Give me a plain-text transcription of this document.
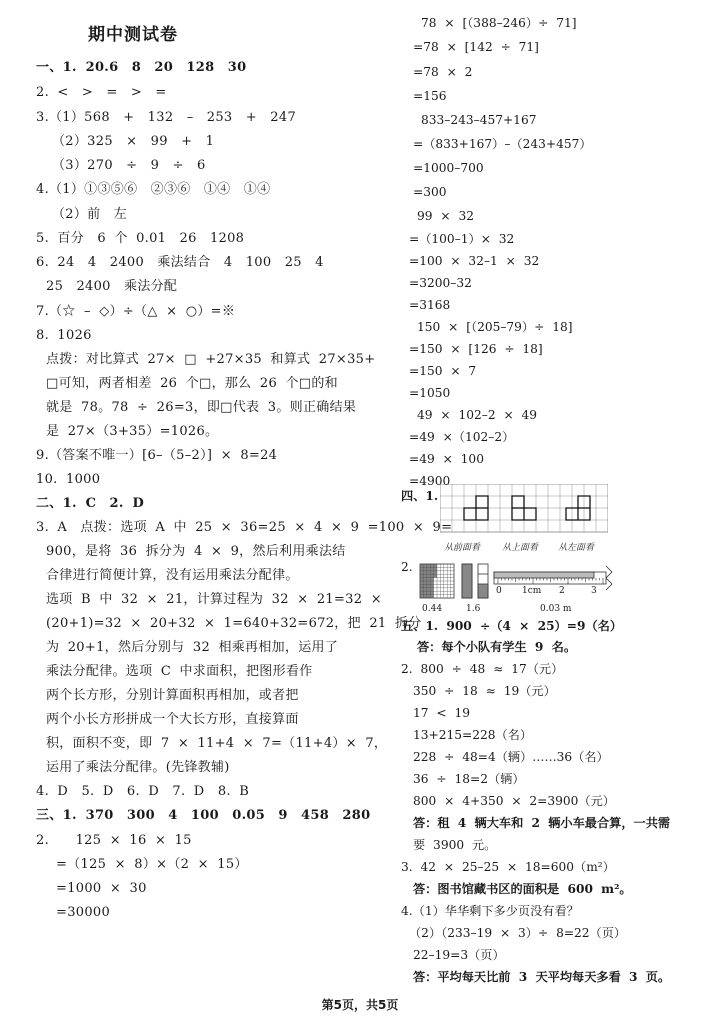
期中测试卷
一、1. 20.6　8　20　128　30
2. <　>　=　>　=
3.（1）568　+　132　–　253　+　247
（2）325　×　99　+　1
（3）270　÷　9　÷　6
4.（1）①③⑤⑥　②③⑥　①④　①④
（2）前　左
5. 百分　6 个 0.01　26　1208
6. 24　4　2400　乘法结合　4　100　25　4
25　2400　乘法分配
7.（☆ – ◇）÷（△ × ○）=※
8. 1026
点拨：对比算式 27× □ +27×35 和算式 27×35+
□可知，两者相差 26 个□，那么 26 个□的和
就是 78。78 ÷ 26=3，即□代表 3。则正确结果
是 27×（3+35）=1026。
9.（答案不唯一）[6–（5–2）] × 8=24
10. 1000
二、1. C　2. D
3. A　点拨：选项 A 中 25 × 36=25 × 4 × 9 =100 × 9=
900，是将 36 拆分为 4 × 9，然后利用乘法结
合律进行简便计算，没有运用乘法分配律。
选项 B 中 32 × 21，计算过程为 32 × 21=32 ×
(20+1)=32 × 20+32 × 1=640+32=672，把 21 拆分
为 20+1，然后分别与 32 相乘再相加，运用了
乘法分配律。选项 C 中求面积，把图形看作
两个长方形，分别计算面积再相加，或者把
两个小长方形拼成一个大长方形，直接算面
积，面积不变，即 7 × 11+4 × 7=（11+4）× 7，
运用了乘法分配律。(先锋教辅)
4. D　5. D　6. D　7. D　8. B
三、1. 370　300　4　100　0.05　9　458　280
2.　　125 × 16 × 15
=（125 × 8）×（2 × 15）
=1000 × 30
=30000
78 × [（388–246）÷ 71]
=78 × [142 ÷ 71]
=78 × 2
=156
833–243–457+167
=（833+167）–（243+457）
=1000–700
=300
99 × 32
=（100–1）× 32
=100 × 32–1 × 32
=3200–32
=3168
150 × [（205–79）÷ 18]
=150 × [126 ÷ 18]
=150 × 7
=1050
49 × 102–2 × 49
=49 ×（102–2）
=49 × 100
=4900
四、1.
2.
五、1. 900 ÷（4 × 25）=9（名）
答：每个小队有学生 9 名。
2. 800 ÷ 48 ≈ 17（元）
350 ÷ 18 ≈ 19（元）
17 < 19
13+215=228（名）
228 ÷ 48=4（辆）……36（名）
36 ÷ 18=2（辆）
800 × 4+350 × 2=3900（元）
答：租 4 辆大车和 2 辆小车最合算，一共需
要 3900 元。
3. 42 × 25–25 × 18=600（m²）
答：图书馆藏书区的面积是 600 m²。
4.（1）华华剩下多少页没有看？
（2）（233–19 × 3）÷ 8=22（页）
22–19=3（页）
答：平均每天比前 3 天平均每天多看 3 页。
从前面看 从上面看 从左面看
0.44	1.6	0.03 m
0 1cm 2	3
第5页，共5页
